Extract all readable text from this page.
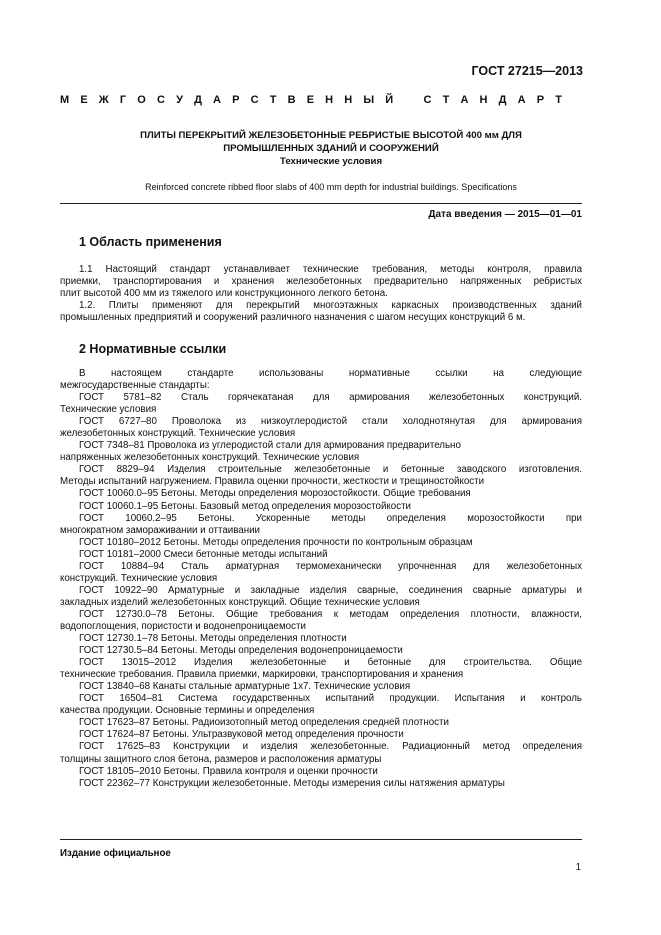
ГОСТ 27215—2013
М Е Ж Г О С У Д А Р С Т В Е Н Н Ы Й	С Т А Н Д А Р Т
ПЛИТЫ ПЕРЕКРЫТИЙ ЖЕЛЕЗОБЕТОННЫЕ РЕБРИСТЫЕ ВЫСОТОЙ 400 мм ДЛЯ
ПРОМЫШЛЕННЫХ ЗДАНИЙ И СООРУЖЕНИЙ
Технические условия
Reinforced concrete ribbed floor slabs of 400 mm depth for industrial buildings. Specifications
Дата введения — 2015—01—01
1 Область применения
1.1 Настоящий стандарт устанавливает технические требования, методы контроля, правила
приемки, транспортирования и хранения железобетонных предварительно напряженных ребристых
плит высотой 400 мм из тяжелого или конструкционного легкого бетона.
1.2. Плиты применяют для перекрытий многоэтажных каркасных производственных зданий
промышленных предприятий и сооружений различного назначения с шагом несущих конструкций 6 м.
2 Нормативные ссылки
В настоящем стандарте использованы нормативные ссылки на следующие
межгосударственные стандарты:
ГОСТ 5781–82 Сталь горячекатаная для армирования железобетонных конструкций.
Технические условия
ГОСТ 6727–80 Проволока из низкоуглеродистой стали холоднотянутая для армирования
железобетонных конструкций. Технические условия
ГОСТ 7348–81 Проволока из углеродистой стали для армирования предварительно
напряженных железобетонных конструкций. Технические условия
ГОСТ 8829–94 Изделия строительные железобетонные и бетонные заводского изготовления.
Методы испытаний нагружением. Правила оценки прочности, жесткости и трещиностойкости
ГОСТ 10060.0–95 Бетоны. Методы определения морозостойкости. Общие требования
ГОСТ 10060.1–95 Бетоны. Базовый метод определения морозостойкости
ГОСТ 10060.2–95 Бетоны. Ускоренные методы определения морозостойкости при
многократном замораживании и оттаивании
ГОСТ 10180–2012 Бетоны. Методы определения прочности по контрольным образцам
ГОСТ 10181–2000 Смеси бетонные методы испытаний
ГОСТ 10884–94 Сталь арматурная термомеханически упрочненная для железобетонных
конструкций. Технические условия
ГОСТ 10922–90 Арматурные и закладные изделия сварные, соединения сварные арматуры и
закладных изделий железобетонных конструкций. Общие технические условия
ГОСТ 12730.0–78 Бетоны. Общие требования к методам определения плотности, влажности,
водопоглощения, пористости и водонепроницаемости
ГОСТ 12730.1–78 Бетоны. Методы определения плотности
ГОСТ 12730.5–84 Бетоны. Методы определения водонепроницаемости
ГОСТ 13015–2012 Изделия железобетонные и бетонные для строительства. Общие
технические требования. Правила приемки, маркировки, транспортирования и хранения
ГОСТ 13840–68 Канаты стальные арматурные 1x7. Технические условия
ГОСТ 16504–81 Система государственных испытаний продукции. Испытания и контроль
качества продукции. Основные термины и определения
ГОСТ 17623–87 Бетоны. Радиоизотопный метод определения средней плотности
ГОСТ 17624–87 Бетоны. Ультразвуковой метод определения прочности
ГОСТ 17625–83 Конструкции и изделия железобетонные. Радиационный метод определения
толщины защитного слоя бетона, размеров и расположения арматуры
ГОСТ 18105–2010 Бетоны. Правила контроля и оценки прочности
ГОСТ 22362–77 Конструкции железобетонные. Методы измерения силы натяжения арматуры
Издание официальное
1
